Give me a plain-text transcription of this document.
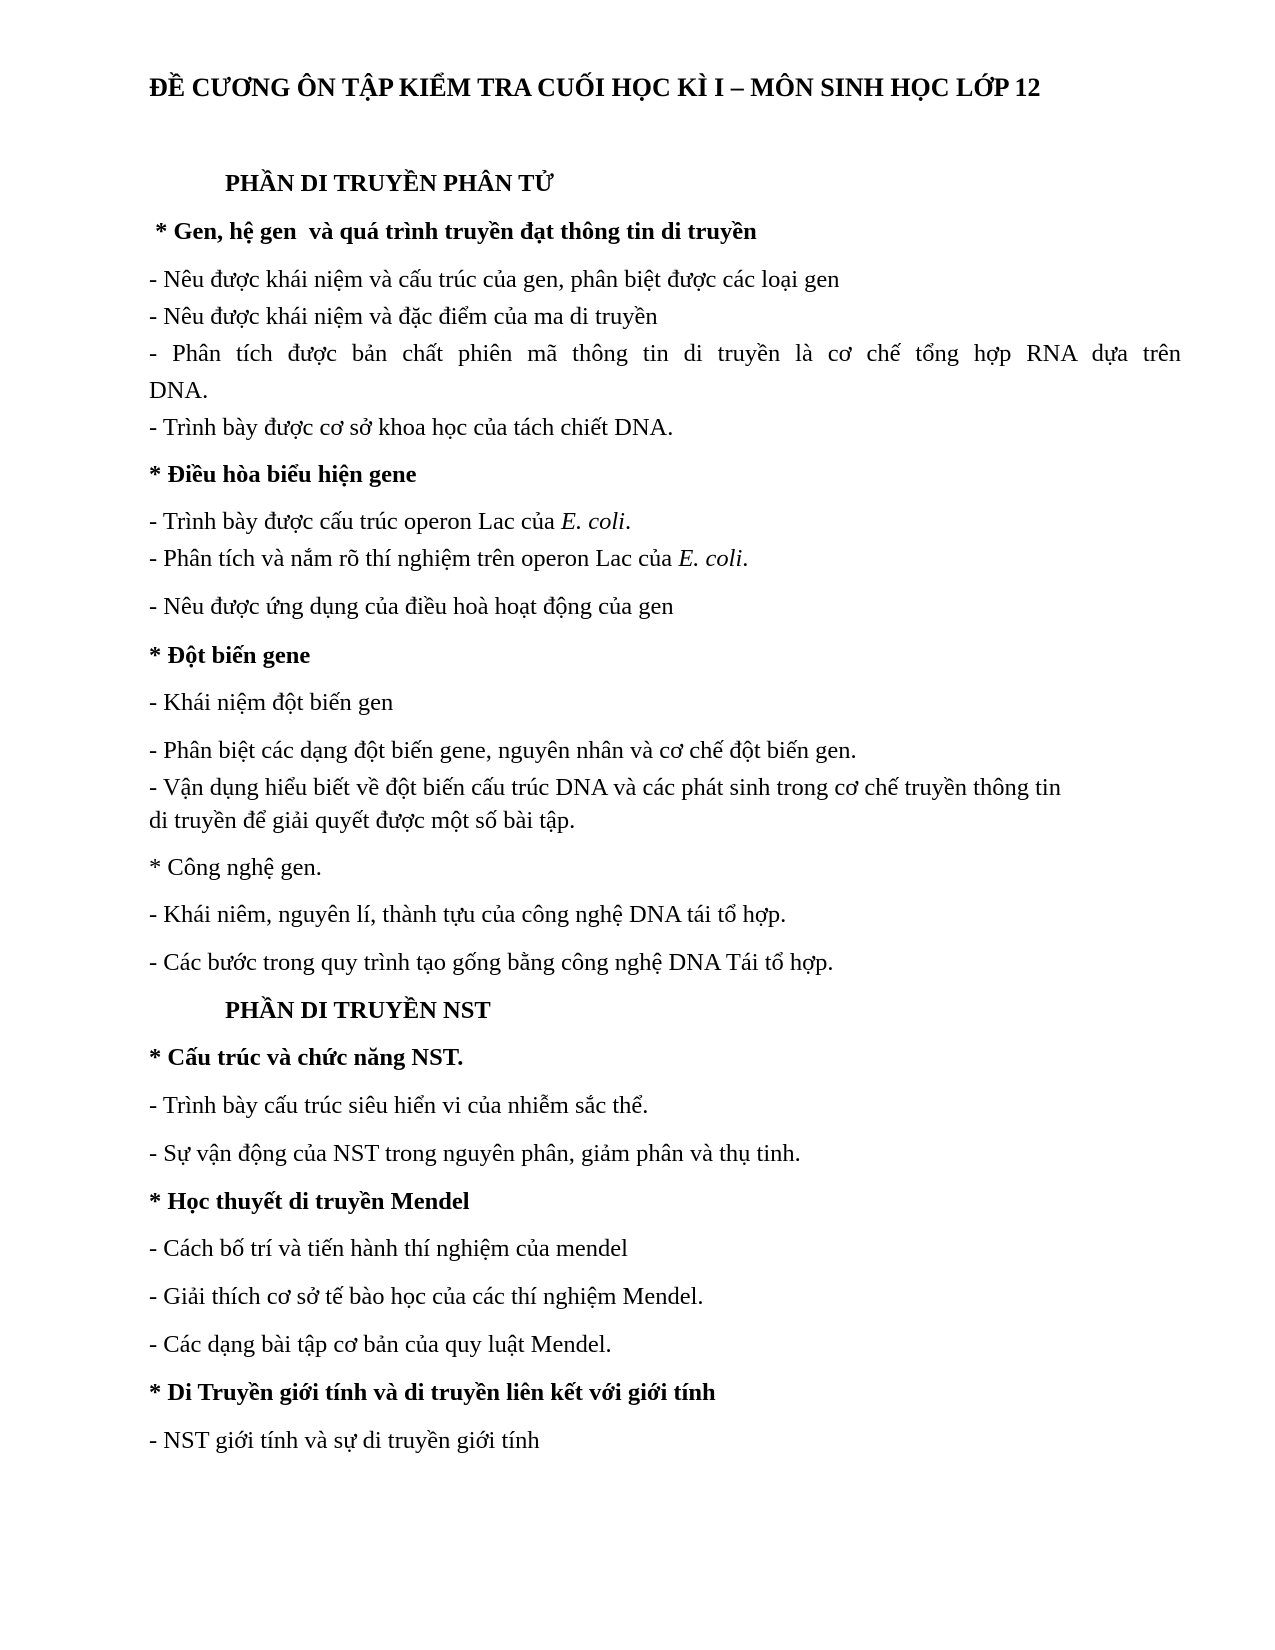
ĐỀ CƯƠNG ÔN TẬP KIỂM TRA CUỐI HỌC KÌ I – MÔN SINH HỌC LỚP 12
PHẦN DI TRUYỀN PHÂN TỬ
* Gen, hệ gen  và quá trình truyền đạt thông tin di truyền
- Nêu được khái niệm và cấu trúc của gen, phân biệt được các loại gen
- Nêu được khái niệm và đặc điểm của ma di truyền
- Phân tích được bản chất phiên mã thông tin di truyền là cơ chế tổng hợp RNA dựa trên
DNA.
- Trình bày được cơ sở khoa học của tách chiết DNA.
* Điều hòa biểu hiện gene
- Trình bày được cấu trúc operon Lac của E. coli.
- Phân tích và nắm rõ thí nghiệm trên operon Lac của E. coli.
- Nêu được ứng dụng của điều hoà hoạt động của gen
* Đột biến gene
- Khái niệm đột biến gen
- Phân biệt các dạng đột biến gene, nguyên nhân và cơ chế đột biến gen.
- Vận dụng hiểu biết về đột biến cấu trúc DNA và các phát sinh trong cơ chế truyền thông tin
di truyền để giải quyết được một số bài tập.
* Công nghệ gen.
- Khái niêm, nguyên lí, thành tựu của công nghệ DNA tái tổ hợp.
- Các bước trong quy trình tạo gống bằng công nghệ DNA Tái tổ hợp.
PHẦN DI TRUYỀN NST
* Cấu trúc và chức năng NST.
- Trình bày cấu trúc siêu hiển vi của nhiễm sắc thể.
- Sự vận động của NST trong nguyên phân, giảm phân và thụ tinh.
* Học thuyết di truyền Mendel
- Cách bố trí và tiến hành thí nghiệm của mendel
- Giải thích cơ sở tế bào học của các thí nghiệm Mendel.
- Các dạng bài tập cơ bản của quy luật Mendel.
* Di Truyền giới tính và di truyền liên kết với giới tính
- NST giới tính và sự di truyền giới tính
